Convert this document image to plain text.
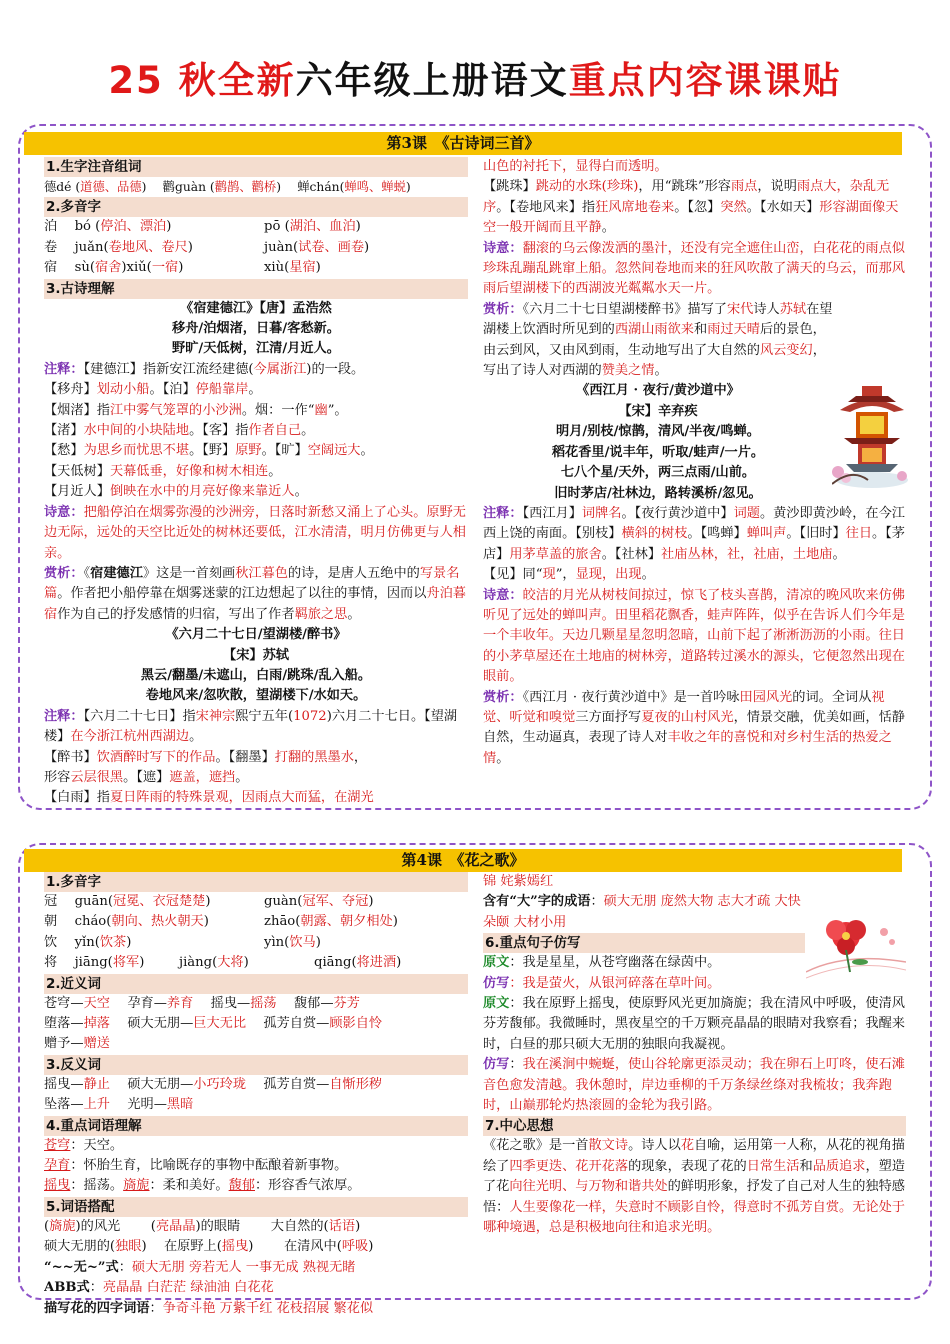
25 秋全新六年级上册语文重点内容课课贴
第3课　《古诗词三首》
1.生字注音组词
德dé (道德、品德)　 鹳guàn (鹳鹊、鹳桥)　 蝉chán(蝉鸣、蝉蜕)
2.多音字
泊　 bó (停泊、漂泊)	pō (湖泊、血泊)
卷　 juǎn(卷地风、卷尺)	juàn(试卷、画卷)
宿　 sù(宿舍)xiǔ(一宿)	xiù(星宿)
3.古诗理解
《宿建德江》【唐】孟浩然
移舟/泊烟渚，日暮/客愁新。
野旷/天低树，江清/月近人。
注释：【建德江】指新安江流经建德(今属浙江)的一段。
【移舟】划动小船。【泊】停船靠岸。
【烟渚】指江中雾气笼罩的小沙洲。烟：一作“幽”。
【渚】水中间的小块陆地。【客】指作者自己。
【愁】为思乡而忧思不堪。【野】原野。【旷】空阔远大。
【天低树】天幕低垂，好像和树木相连。
【月近人】倒映在水中的月亮好像来靠近人。
诗意：把船停泊在烟雾弥漫的沙洲旁，日落时新愁又涌上了心头。原野无边无际，远处的天空比近处的树林还要低，江水清清，明月仿佛更与人相亲。
赏析：《宿建德江》这是一首刻画秋江暮色的诗，是唐人五绝中的写景名篇。作者把小船停靠在烟雾迷蒙的江边想起了以往的事情，因而以舟泊暮宿作为自己的抒发感情的归宿，写出了作者羁旅之思。
《六月二十七日/望湖楼/醉书》
【宋】苏轼
黑云/翻墨/未遮山，白雨/跳珠/乱入船。
卷地风来/忽吹散，望湖楼下/水如天。
注释：【六月二十七日】指宋神宗熙宁五年(1072)六月二十七日。【望湖楼】在今浙江杭州西湖边。
【醉书】饮酒醉时写下的作品。【翻墨】打翻的黑墨水，
形容云层很黑。【遮】遮盖，遮挡。
【白雨】指夏日阵雨的特殊景观，因雨点大而猛，在湖光
山色的衬托下，显得白而透明。
【跳珠】跳动的水珠(珍珠)，用“跳珠”形容雨点，说明雨点大，杂乱无序。【卷地风来】指狂风席地卷来。【忽】突然。【水如天】形容湖面像天空一般开阔而且平静。
诗意：翻滚的乌云像泼洒的墨汁，还没有完全遮住山峦，白花花的雨点似珍珠乱蹦乱跳窜上船。忽然间卷地而来的狂风吹散了满天的乌云，而那风雨后望湖楼下的西湖波光粼粼水天一片。
赏析：《六月二十七日望湖楼醉书》描写了宋代诗人苏轼在望湖楼上饮酒时所见到的西湖山雨欲来和雨过天晴后的景色，由云到风，又由风到雨，生动地写出了大自然的风云变幻，写出了诗人对西湖的赞美之情。
《西江月 · 夜行/黄沙道中》
【宋】辛弃疾
明月/别枝/惊鹊，清风/半夜/鸣蝉。
稻花香里/说丰年，听取/蛙声/一片。
七八个星/天外，两三点雨/山前。
旧时茅店/社林边，路转溪桥/忽见。
注释：【西江月】词牌名。【夜行黄沙道中】词题。黄沙即黄沙岭，在今江西上饶的南面。【别枝】横斜的树枝。【鸣蝉】蝉叫声。【旧时】往日。【茅店】用茅草盖的旅舍。【社林】社庙丛林，社，社庙，土地庙。
【见】同“现”，显现，出现。
诗意：皎洁的月光从树枝间掠过，惊飞了枝头喜鹊，清凉的晚风吹来仿佛听见了远处的蝉叫声。田里稻花飘香，蛙声阵阵，似乎在告诉人们今年是一个丰收年。天边几颗星星忽明忽暗，山前下起了淅淅沥沥的小雨。往日的小茅草屋还在土地庙的树林旁，道路转过溪水的源头，它便忽然出现在眼前。
赏析：《西江月 · 夜行黄沙道中》是一首吟咏田园风光的词。全词从视觉、听觉和嗅觉三方面抒写夏夜的山村风光，情景交融，优美如画，恬静自然，生动逼真，表现了诗人对丰收之年的喜悦和对乡村生活的热爱之情。
第4课　《花之歌》
1.多音字
冠　 guān(冠冕、衣冠楚楚)	guàn(冠军、夺冠)
朝　 cháo(朝向、热火朝天)	zhāo(朝露、朝夕相处)
饮　 yǐn(饮茶)	yìn(饮马)
将　 jiāng(将军)	jiàng(大将)	qiāng(将进酒)
2.近义词
苍穹—天空　 孕育—养育　 摇曳—摇荡　 馥郁—芬芳
堕落—掉落　 硕大无朋—巨大无比　 孤芳自赏—顾影自怜
赠予—赠送
3.反义词
摇曳—静止　 硕大无朋—小巧玲珑　 孤芳自赏—自惭形秽
坠落—上升　 光明—黑暗
4.重点词语理解
苍穹：天空。
孕育：怀胎生育，比喻既存的事物中酝酿着新事物。
摇曳：摇荡。旖旎：柔和美好。馥郁：形容香气浓厚。
5.词语搭配
(旖旎)的风光　　 (亮晶晶)的眼睛　　 大自然的(话语)
硕大无朋的(独眼)　 在原野上(摇曳)　　 在清风中(呼吸)
“~~无~”式：硕大无朋 旁若无人 一事无成 熟视无睹
ABB式：亮晶晶 白茫茫 绿油油 白花花
描写花的四字词语：争奇斗艳 万紫千红 花枝招展 繁花似
锦 姹紫嫣红
含有“大”字的成语：硕大无朋 庞然大物 志大才疏 大快朵颐 大材小用
6.重点句子仿写
原文：我是星星，从苍穹幽落在绿茵中。
仿写：我是萤火，从银河碎落在草叶间。
原文：我在原野上摇曳，使原野风光更加旖旎；我在清风中呼吸，使清风芬芳馥郁。我微睡时，黑夜星空的千万颗亮晶晶的眼睛对我察看；我醒来时，白昼的那只硕大无朋的独眼向我凝视。
仿写：我在溪涧中蜿蜒，使山谷轮廓更添灵动；我在卵石上叮咚，使石滩音色愈发清越。我休憩时，岸边垂柳的千万条绿丝绦对我梳妆；我奔跑时，山巅那轮灼热滚圆的金轮为我引路。
7.中心思想
《花之歌》是一首散文诗。诗人以花自喻，运用第一人称，从花的视角描绘了四季更迭、花开花落的现象，表现了花的日常生活和品质追求，塑造了花向往光明、与万物和谐共处的鲜明形象，抒发了自己对人生的独特感悟：人生要像花一样，失意时不顾影自怜，得意时不孤芳自赏。无论处于哪种境遇，总是积极地向往和追求光明。
